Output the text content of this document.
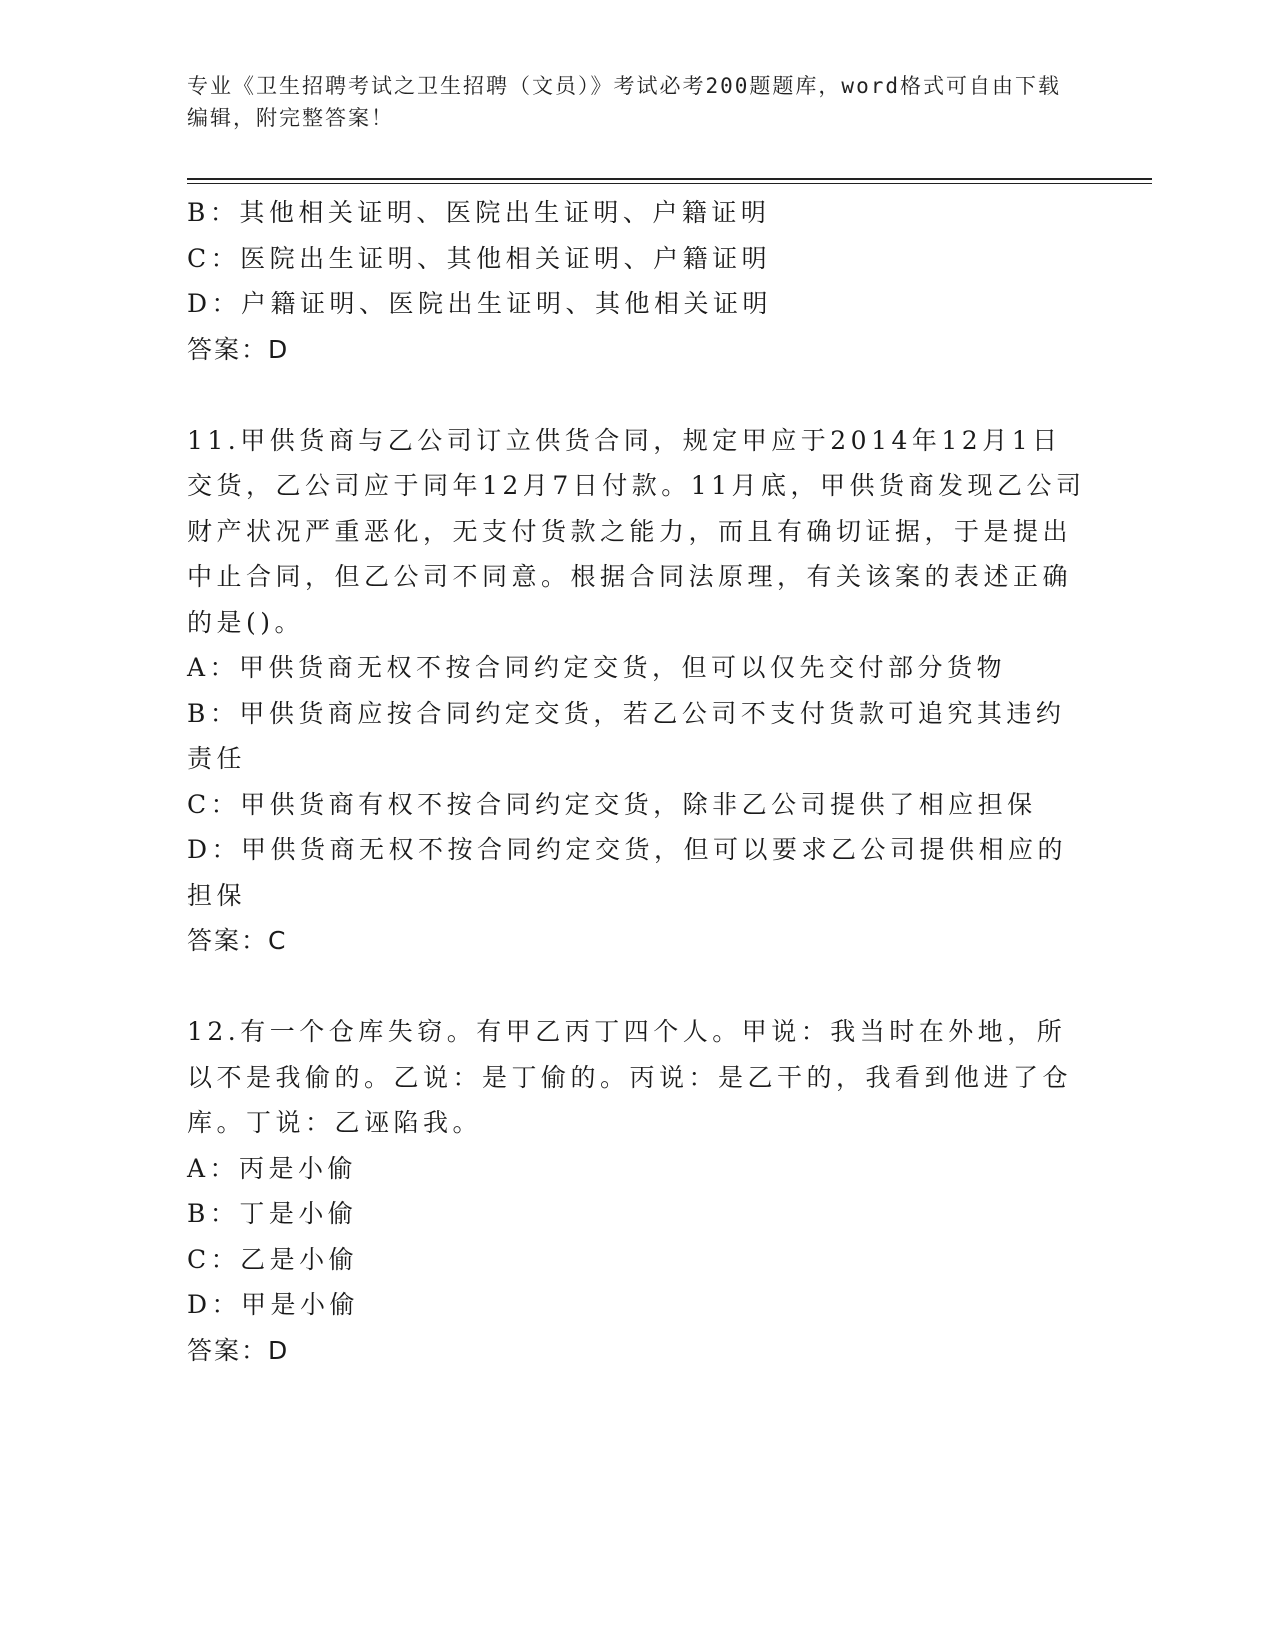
专业《卫生招聘考试之卫生招聘（文员）》考试必考200题题库，word格式可自由下载编辑，附完整答案！

B：其他相关证明、医院出生证明、户籍证明

C：医院出生证明、其他相关证明、户籍证明

D：户籍证明、医院出生证明、其他相关证明

答案：D

11.甲供货商与乙公司订立供货合同，规定甲应于2014年12月1日交货，乙公司应于同年12月7日付款。11月底，甲供货商发现乙公司财产状况严重恶化，无支付货款之能力，而且有确切证据，于是提出中止合同，但乙公司不同意。根据合同法原理，有关该案的表述正确的是()。

A：甲供货商无权不按合同约定交货，但可以仅先交付部分货物

B：甲供货商应按合同约定交货，若乙公司不支付货款可追究其违约责任

C：甲供货商有权不按合同约定交货，除非乙公司提供了相应担保

D：甲供货商无权不按合同约定交货，但可以要求乙公司提供相应的担保

答案：C

12.有一个仓库失窃。有甲乙丙丁四个人。甲说：我当时在外地，所以不是我偷的。乙说：是丁偷的。丙说：是乙干的，我看到他进了仓库。丁说：乙诬陷我。

A：丙是小偷

B：丁是小偷

C：乙是小偷

D：甲是小偷

答案：D
